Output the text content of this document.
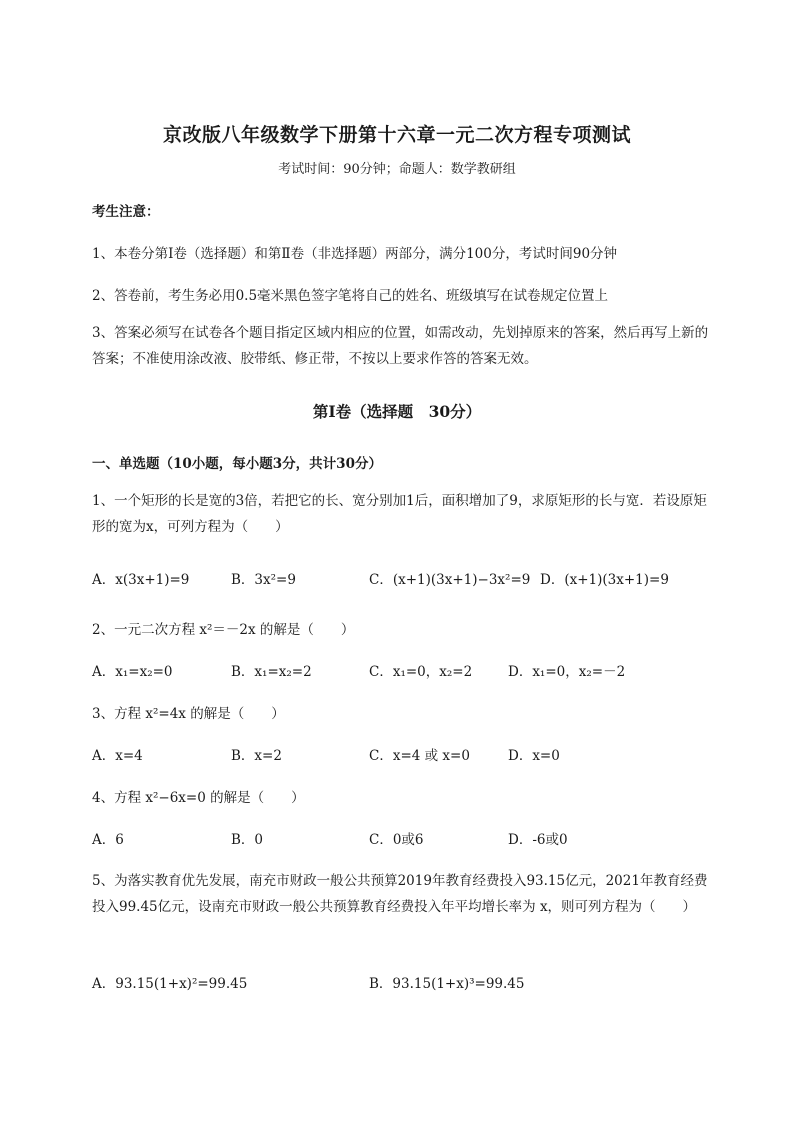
京改版八年级数学下册第十六章一元二次方程专项测试
考试时间：90分钟；命题人：数学教研组
考生注意：
1、本卷分第I卷（选择题）和第Ⅱ卷（非选择题）两部分，满分100分，考试时间90分钟
2、答卷前，考生务必用0.5毫米黑色签字笔将自己的姓名、班级填写在试卷规定位置上
3、答案必须写在试卷各个题目指定区域内相应的位置，如需改动，先划掉原来的答案，然后再写上新的答案；不准使用涂改液、胶带纸、修正带，不按以上要求作答的答案无效。
第I卷（选择题　30分）
一、单选题（10小题，每小题3分，共计30分）
1、一个矩形的长是宽的3倍，若把它的长、宽分别加1后，面积增加了9，求原矩形的长与宽．若设原矩形的宽为x，可列方程为（　　）
A．x(3x+1)=9	B．3x²=9	C．(x+1)(3x+1)−3x²=9 D．(x+1)(3x+1)=9
2、一元二次方程 x²＝－2x 的解是（　　）
A．x₁=x₂=0	B．x₁=x₂=2	C．x₁=0，x₂=2	D．x₁=0，x₂=－2
3、方程 x²=4x 的解是（　　）
A．x=4	B．x=2	C．x=4 或 x=0	D．x=0
4、方程 x²−6x=0 的解是（　　）
A．6	B．0	C．0或6	D．-6或0
5、为落实教育优先发展，南充市财政一般公共预算2019年教育经费投入93.15亿元，2021年教育经费投入99.45亿元，设南充市财政一般公共预算教育经费投入年平均增长率为 x，则可列方程为（　　）
A．93.15(1+x)²=99.45	B．93.15(1+x)³=99.45
